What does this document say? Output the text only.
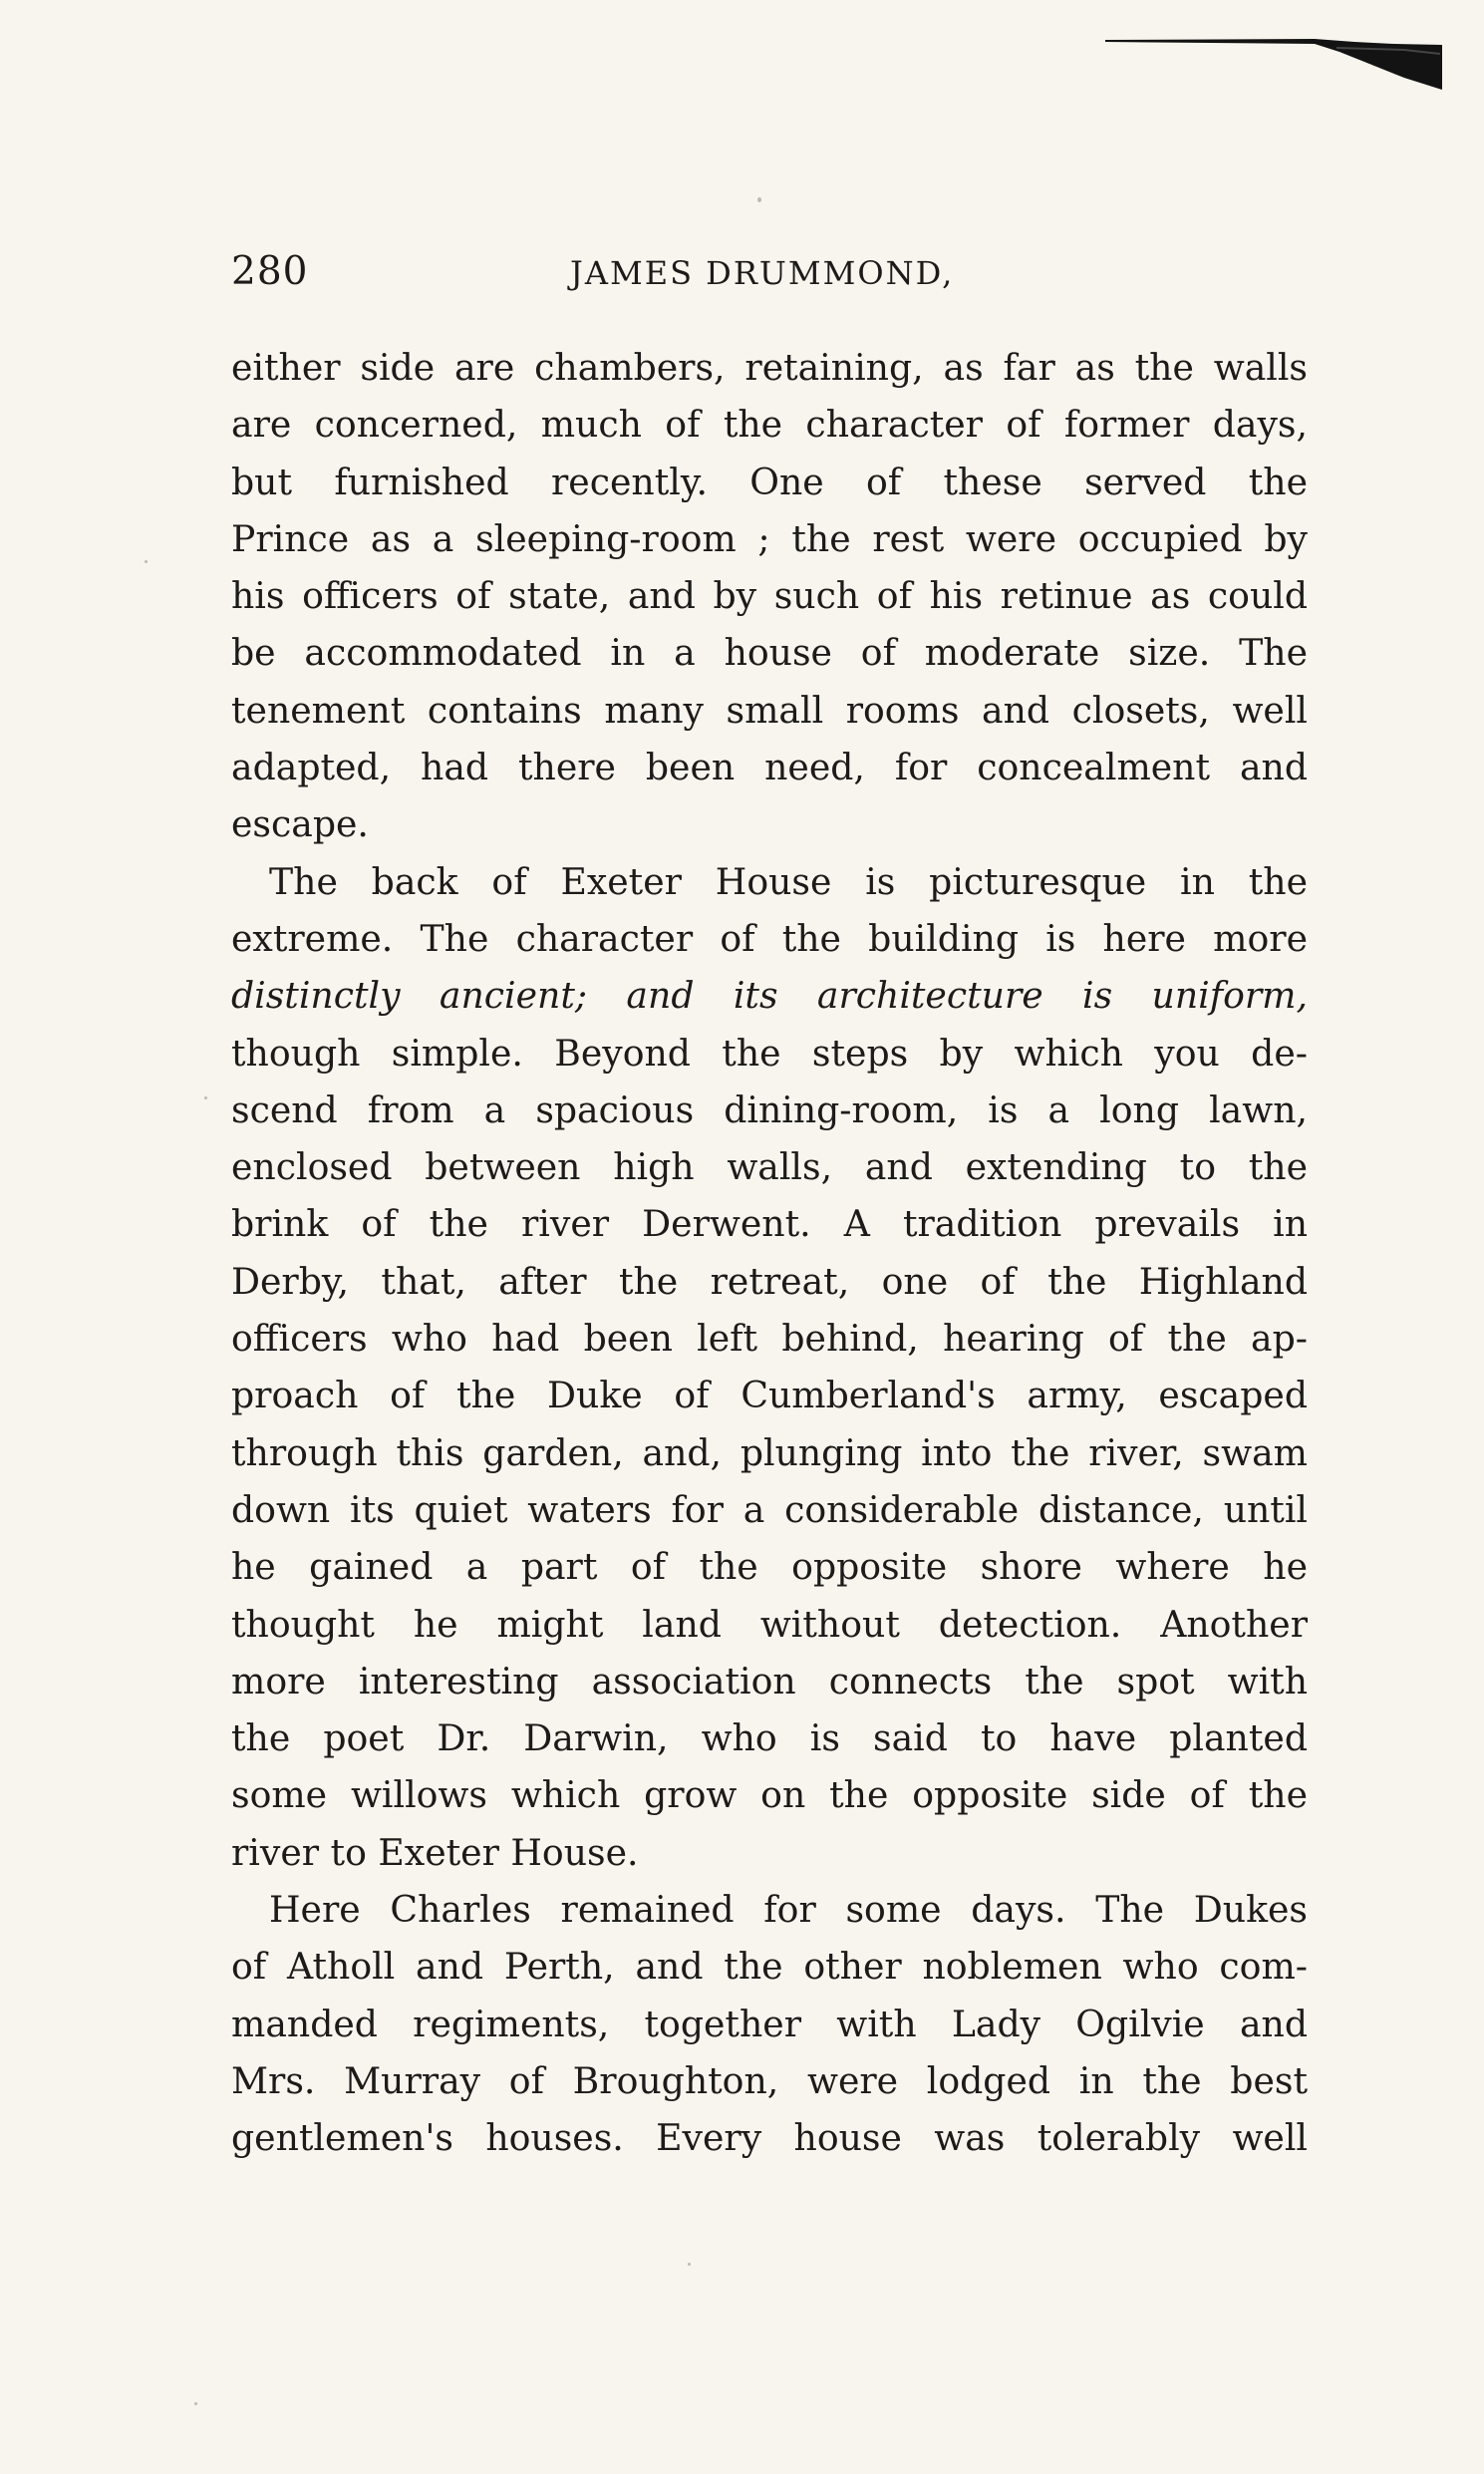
280	JAMES DRUMMOND,

either side are chambers, retaining, as far as the walls
are concerned, much of the character of former days,
but furnished recently. One of these served the
Prince as a sleeping-room ; the rest were occupied by
his officers of state, and by such of his retinue as could
be accommodated in a house of moderate size. The
tenement contains many small rooms and closets, well
adapted, had there been need, for concealment and
escape.

The back of Exeter House is picturesque in the
extreme. The character of the building is here more
distinctly ancient; and its architecture is uniform,
though simple. Beyond the steps by which you de-
scend from a spacious dining-room, is a long lawn,
enclosed between high walls, and extending to the
brink of the river Derwent. A tradition prevails in
Derby, that, after the retreat, one of the Highland
officers who had been left behind, hearing of the ap-
proach of the Duke of Cumberland's army, escaped
through this garden, and, plunging into the river, swam
down its quiet waters for a considerable distance, until
he gained a part of the opposite shore where he
thought he might land without detection. Another
more interesting association connects the spot with
the poet Dr. Darwin, who is said to have planted
some willows which grow on the opposite side of the
river to Exeter House.

Here Charles remained for some days. The Dukes
of Atholl and Perth, and the other noblemen who com-
manded regiments, together with Lady Ogilvie and
Mrs. Murray of Broughton, were lodged in the best
gentlemen's houses. Every house was tolerably well
